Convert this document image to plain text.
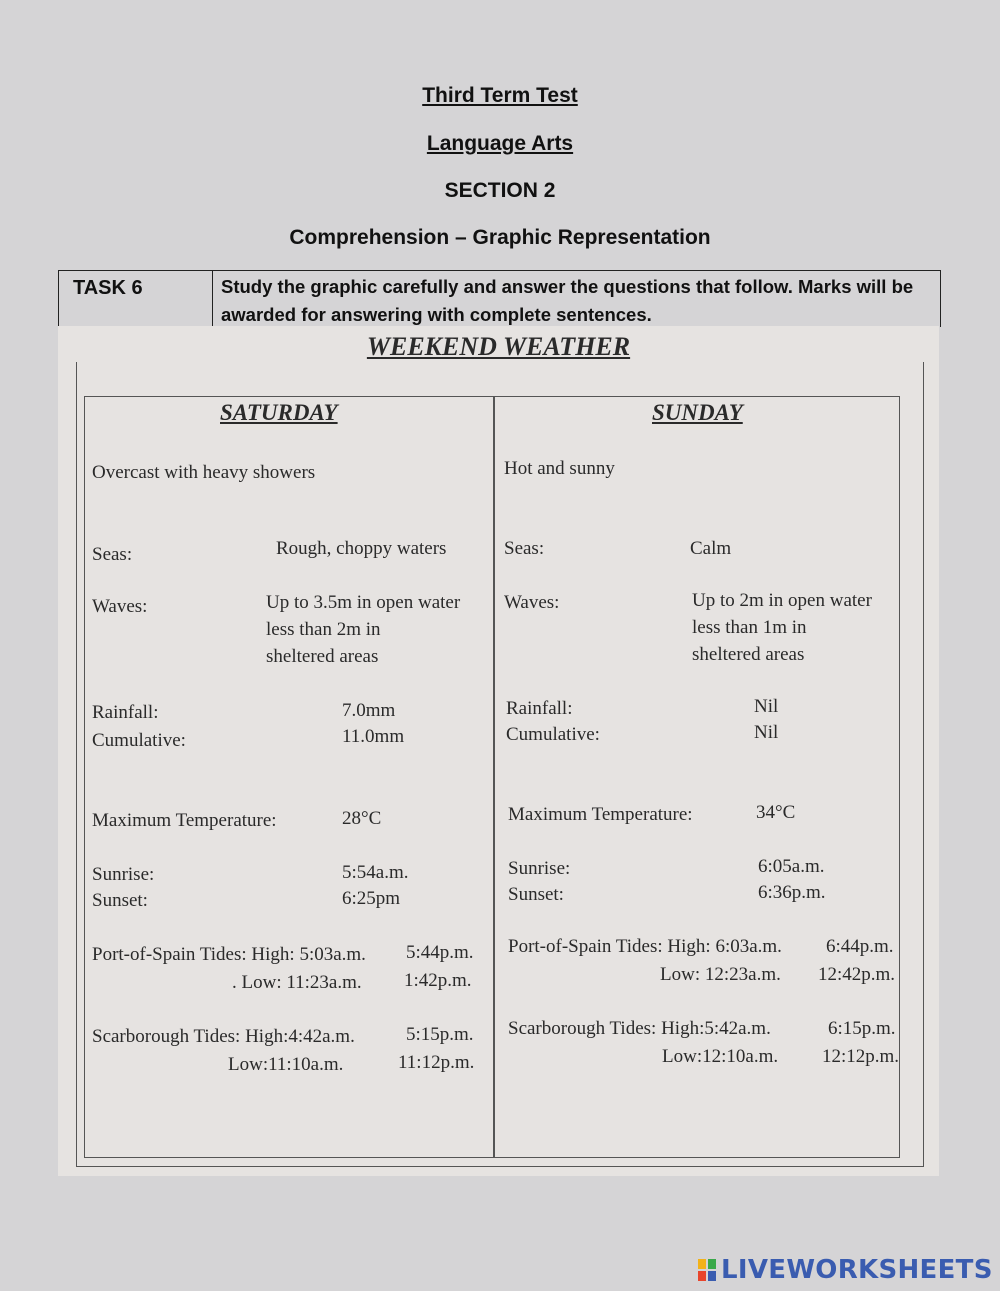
Third Term Test
Language Arts
SECTION 2
Comprehension – Graphic Representation
TASK 6	Study the graphic carefully and answer the questions that follow. Marks will be awarded for answering with complete sentences.
WEEKEND WEATHER
SATURDAY
Overcast with heavy showers
Seas:	Rough, choppy waters
Waves:	Up to 3.5m in open water
less than 2m in
sheltered areas
Rainfall:	7.0mm
Cumulative:	11.0mm
Maximum Temperature:	28°C
Sunrise:	5:54a.m.
Sunset:	6:25pm
Port-of-Spain Tides: High: 5:03a.m. 5:44p.m.
. Low: 11:23a.m. 1:42p.m.
Scarborough Tides: High:4:42a.m.	5:15p.m.
Low:11:10a.m.	11:12p.m.
SUNDAY
Hot and sunny
Seas:	Calm
Waves:	Up to 2m in open water
less than 1m in
sheltered areas
Rainfall:	Nil
Cumulative:	Nil
Maximum Temperature:	34°C
Sunrise:	6:05a.m.
Sunset:	6:36p.m.
Port-of-Spain Tides: High: 6:03a.m. 6:44p.m.
Low: 12:23a.m. 12:42p.m.
Scarborough Tides: High:5:42a.m.	6:15p.m.
Low:12:10a.m. 12:12p.m.
LIVEWORKSHEETS
